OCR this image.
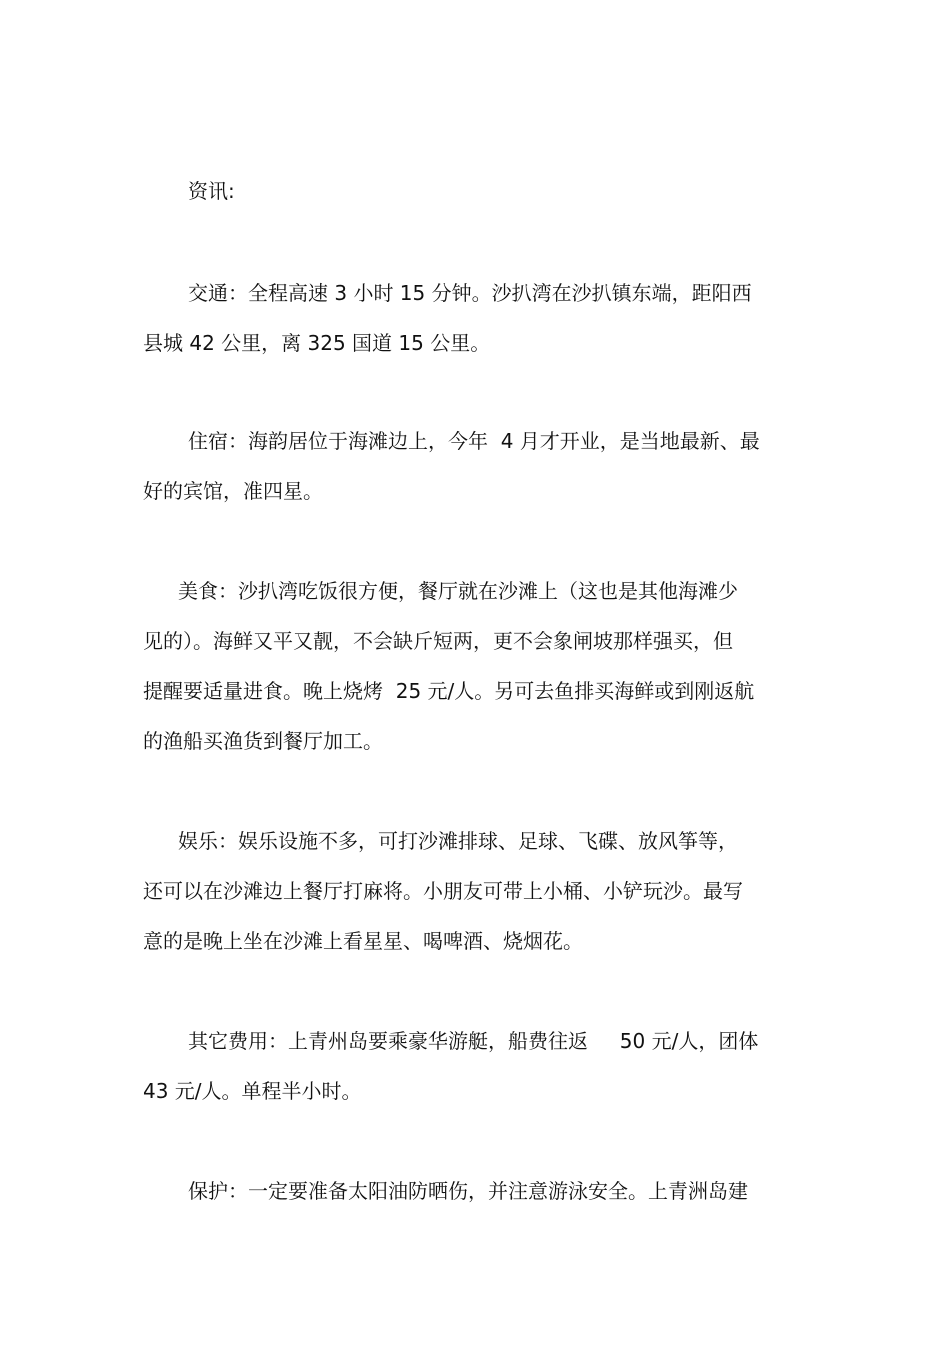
资讯:
交通：全程高速 3 小时 15 分钟。沙扒湾在沙扒镇东端，距阳西
县城 42 公里，离 325 国道 15 公里。
住宿：海韵居位于海滩边上，今年  4 月才开业，是当地最新、最
好的宾馆，准四星。
美食：沙扒湾吃饭很方便，餐厅就在沙滩上（这也是其他海滩少
见的）。海鲜又平又靓，不会缺斤短两，更不会象闸坡那样强买，但
提醒要适量进食。晚上烧烤  25 元/人。另可去鱼排买海鲜或到刚返航
的渔船买渔货到餐厅加工。
娱乐：娱乐设施不多，可打沙滩排球、足球、飞碟、放风筝等，
还可以在沙滩边上餐厅打麻将。小朋友可带上小桶、小铲玩沙。最写
意的是晚上坐在沙滩上看星星、喝啤酒、烧烟花。
其它费用：上青州岛要乘豪华游艇，船费往返     50 元/人，团体
43 元/人。单程半小时。
保护：一定要准备太阳油防晒伤，并注意游泳安全。上青洲岛建
